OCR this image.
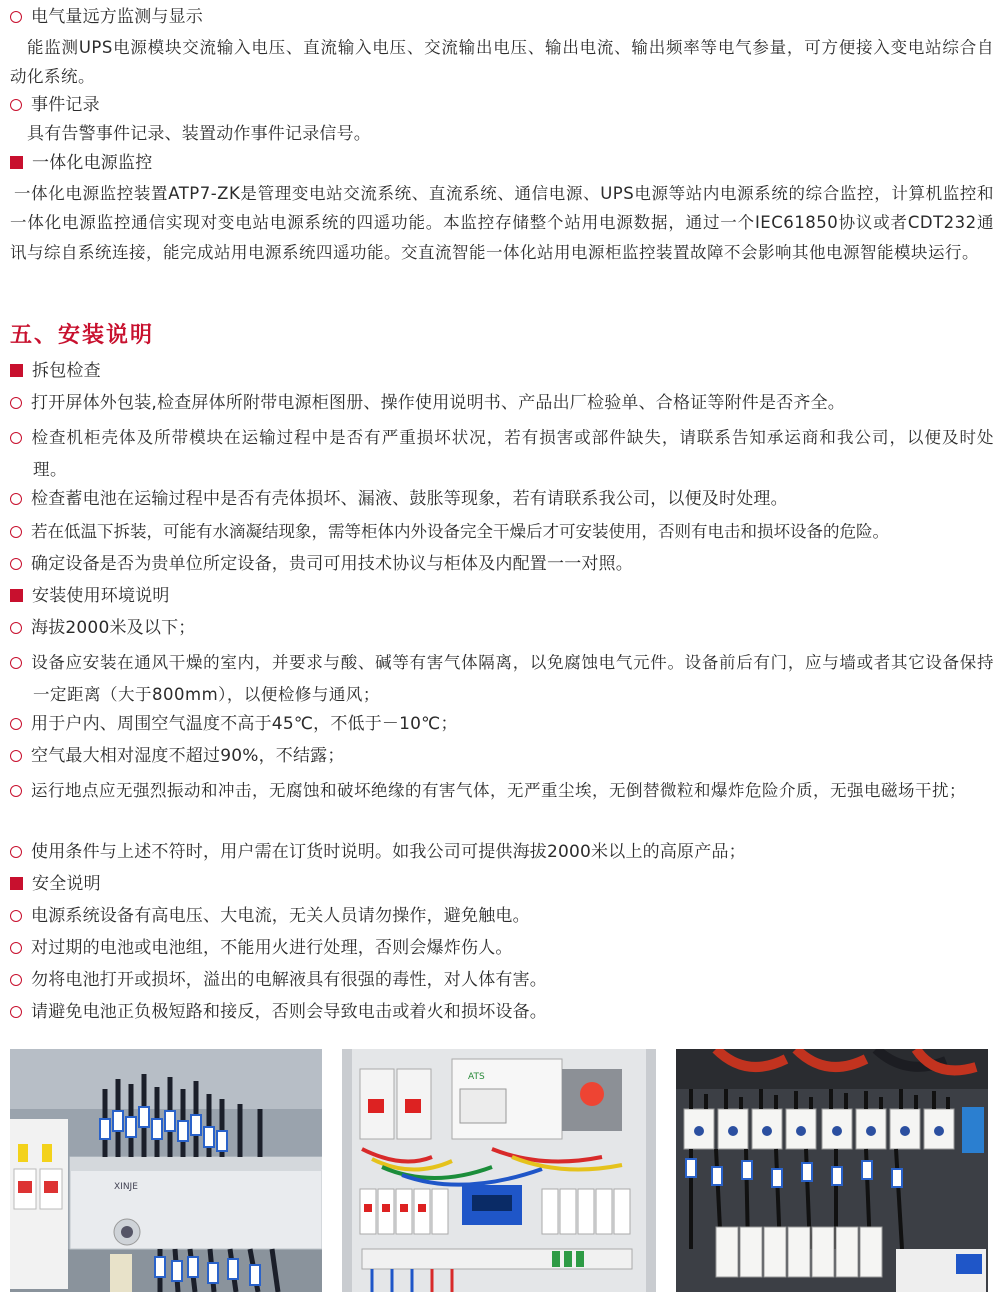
电气量远方监测与显示
能监测UPS电源模块交流输入电压、直流输入电压、交流输出电压、输出电流、输出频率等电气参量，可方便接入变电站综合自动化系统。
事件记录
具有告警事件记录、装置动作事件记录信号。
一体化电源监控
一体化电源监控装置ATP7-ZK是管理变电站交流系统、直流系统、通信电源、UPS电源等站内电源系统的综合监控，计算机监控和一体化电源监控通信实现对变电站电源系统的四遥功能。本监控存储整个站用电源数据，通过一个IEC61850协议或者CDT232通讯与综自系统连接，能完成站用电源系统四遥功能。交直流智能一体化站用电源柜监控装置故障不会影响其他电源智能模块运行。
五、安装说明
拆包检查
打开屏体外包装,检查屏体所附带电源柜图册、操作使用说明书、产品出厂检验单、合格证等附件是否齐全。
检查机柜壳体及所带模块在运输过程中是否有严重损坏状况，若有损害或部件缺失，请联系告知承运商和我公司，以便及时处理。
检查蓄电池在运输过程中是否有壳体损坏、漏液、鼓胀等现象，若有请联系我公司，以便及时处理。
若在低温下拆装，可能有水滴凝结现象，需等柜体内外设备完全干燥后才可安装使用，否则有电击和损坏设备的危险。
确定设备是否为贵单位所定设备，贵司可用技术协议与柜体及内配置一一对照。
安装使用环境说明
海拔2000米及以下；
设备应安装在通风干燥的室内，并要求与酸、碱等有害气体隔离，以免腐蚀电气元件。设备前后有门，应与墙或者其它设备保持一定距离（大于800mm），以便检修与通风；
用于户内、周围空气温度不高于45℃，不低于－10℃；
空气最大相对湿度不超过90%，不结露；
运行地点应无强烈振动和冲击，无腐蚀和破坏绝缘的有害气体，无严重尘埃，无倒替微粒和爆炸危险介质，无强电磁场干扰；
使用条件与上述不符时，用户需在订货时说明。如我公司可提供海拔2000米以上的高原产品；
安全说明
电源系统设备有高电压、大电流，无关人员请勿操作，避免触电。
对过期的电池或电池组，不能用火进行处理，否则会爆炸伤人。
勿将电池打开或损坏，溢出的电解液具有很强的毒性，对人体有害。
请避免电池正负极短路和接反，否则会导致电击或着火和损坏设备。
XINJE
ATS
